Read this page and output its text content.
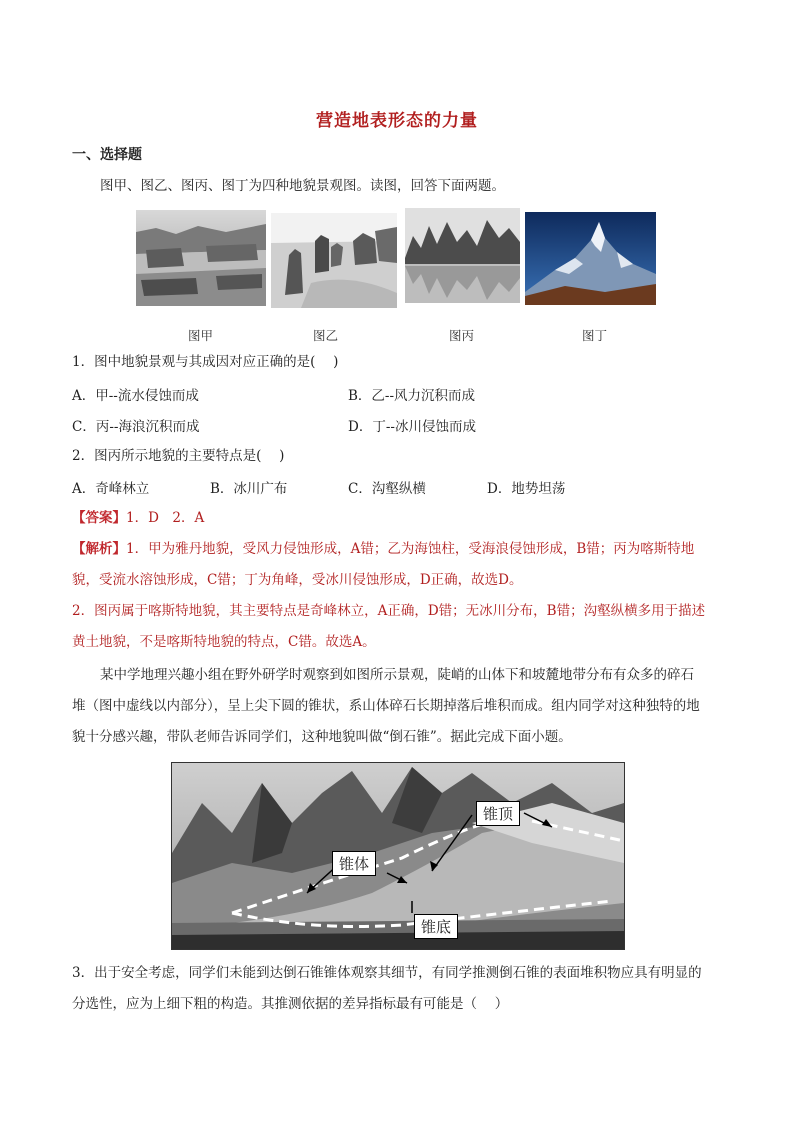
营造地表形态的力量
一、选择题
图甲、图乙、图丙、图丁为四种地貌景观图。读图，回答下面两题。
图甲	图乙	图丙	图丁
1．图中地貌景观与其成因对应正确的是(　 )
A．甲--流水侵蚀而成	B．乙--风力沉积而成
C．丙--海浪沉积而成	D．丁--冰川侵蚀而成
2．图丙所示地貌的主要特点是(　 )
A．奇峰林立	B．冰川广布	C．沟壑纵横	D．地势坦荡
【答案】1．D　2．A
【解析】1．甲为雅丹地貌，受风力侵蚀形成，A错；乙为海蚀柱，受海浪侵蚀形成，B错；丙为喀斯特地
貌，受流水溶蚀形成，C错；丁为角峰，受冰川侵蚀形成，D正确，故选D。
2．图丙属于喀斯特地貌，其主要特点是奇峰林立，A正确，D错；无冰川分布，B错；沟壑纵横多用于描述
黄土地貌，不是喀斯特地貌的特点，C错。故选A。
某中学地理兴趣小组在野外研学时观察到如图所示景观，陡峭的山体下和坡麓地带分布有众多的碎石
堆（图中虚线以内部分），呈上尖下圆的锥状，系山体碎石长期掉落后堆积而成。组内同学对这种独特的地
貌十分感兴趣，带队老师告诉同学们，这种地貌叫做“倒石锥”。据此完成下面小题。
锥顶
锥体
锥底
3．出于安全考虑，同学们未能到达倒石锥锥体观察其细节，有同学推测倒石锥的表面堆积物应具有明显的
分选性，应为上细下粗的构造。其推测依据的差异指标最有可能是（　 ）
